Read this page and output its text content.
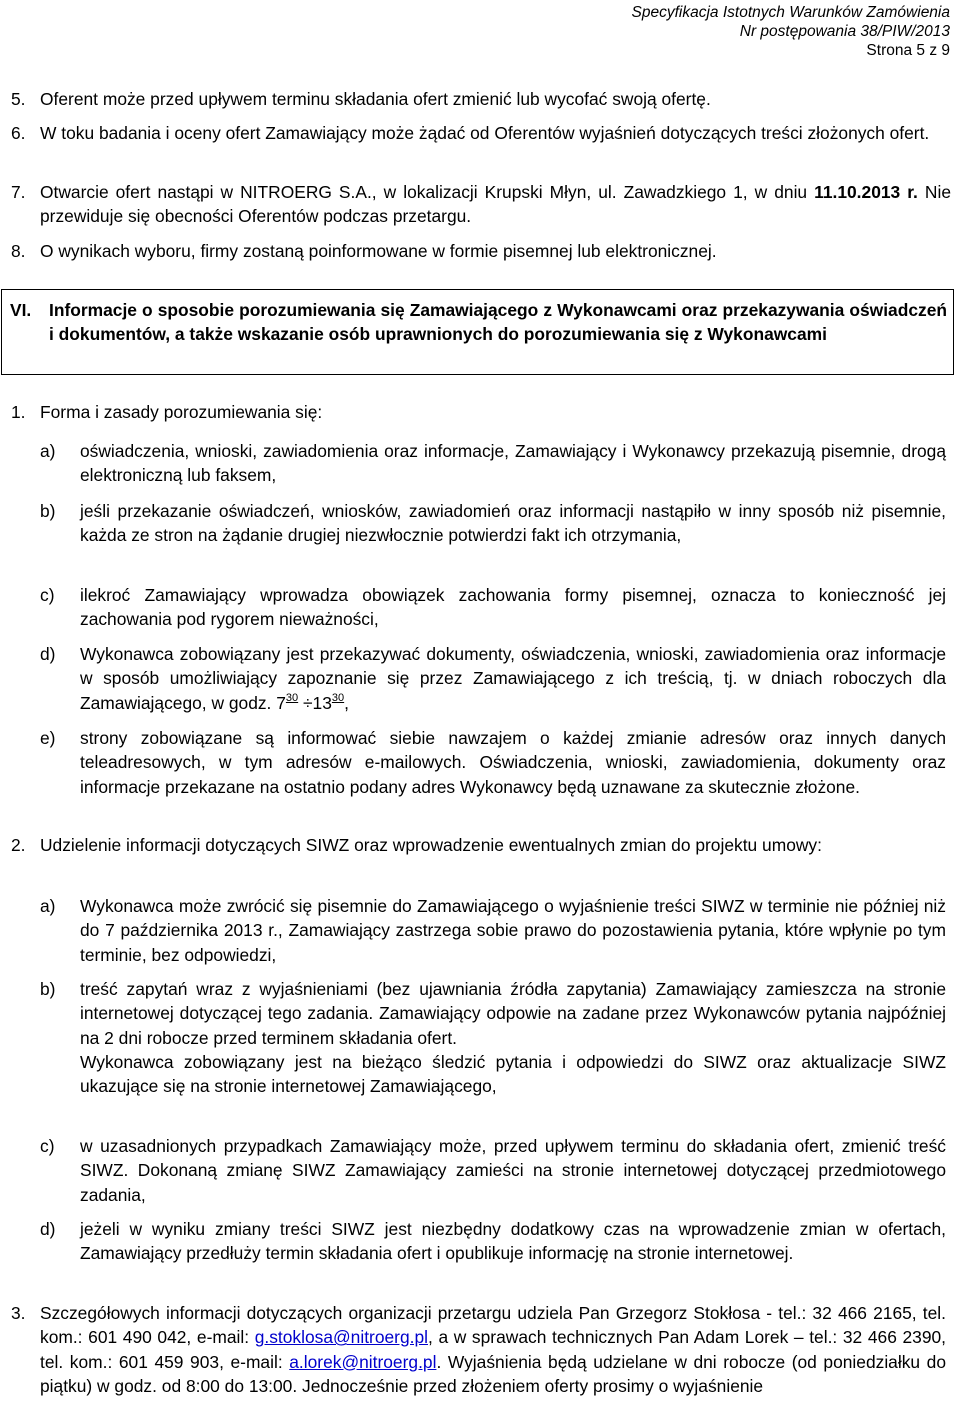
Specyfikacja Istotnych Warunków Zamówienia
Nr postępowania 38/PIW/2013
Strona 5 z 9
5. Oferent może przed upływem terminu składania ofert zmienić lub wycofać swoją ofertę.
6. W toku badania i oceny ofert Zamawiający może żądać od Oferentów wyjaśnień dotyczących treści złożonych ofert.
7. Otwarcie ofert nastąpi w NITROERG S.A., w lokalizacji Krupski Młyn, ul. Zawadzkiego 1, w dniu 11.10.2013 r. Nie przewiduje się obecności Oferentów podczas przetargu.
8. O wynikach wyboru, firmy zostaną poinformowane w formie pisemnej lub elektronicznej.
VI. Informacje o sposobie porozumiewania się Zamawiającego z Wykonawcami oraz przekazywania oświadczeń i dokumentów, a także wskazanie osób uprawnionych do porozumiewania się z Wykonawcami
1. Forma i zasady porozumiewania się:
a) oświadczenia, wnioski, zawiadomienia oraz informacje, Zamawiający i Wykonawcy przekazują pisemnie, drogą elektroniczną lub faksem,
b) jeśli przekazanie oświadczeń, wniosków, zawiadomień oraz informacji nastąpiło w inny sposób niż pisemnie, każda ze stron na żądanie drugiej niezwłocznie potwierdzi fakt ich otrzymania,
c) ilekroć Zamawiający wprowadza obowiązek zachowania formy pisemnej, oznacza to konieczność jej zachowania pod rygorem nieważności,
d) Wykonawca zobowiązany jest przekazywać dokumenty, oświadczenia, wnioski, zawiadomienia oraz informacje w sposób umożliwiający zapoznanie się przez Zamawiającego z ich treścią, tj. w dniach roboczych dla Zamawiającego, w godz. $7^{30} \div 13^{30}$,
e) strony zobowiązane są informować siebie nawzajem o każdej zmianie adresów oraz innych danych teleadresowych, w tym adresów e-mailowych. Oświadczenia, wnioski, zawiadomienia, dokumenty oraz informacje przekazane na ostatnio podany adres Wykonawcy będą uznawane za skutecznie złożone.
2. Udzielenie informacji dotyczących SIWZ oraz wprowadzenie ewentualnych zmian do projektu umowy:
a) Wykonawca może zwrócić się pisemnie do Zamawiającego o wyjaśnienie treści SIWZ w terminie nie później niż do 7 października 2013 r., Zamawiający zastrzega sobie prawo do pozostawienia pytania, które wpłynie po tym terminie, bez odpowiedzi,
b) treść zapytań wraz z wyjaśnieniami (bez ujawniania źródła zapytania) Zamawiający zamieszcza na stronie internetowej dotyczącej tego zadania. Zamawiający odpowie na zadane przez Wykonawców pytania najpóźniej na 2 dni robocze przed terminem składania ofert.
Wykonawca zobowiązany jest na bieżąco śledzić pytania i odpowiedzi do SIWZ oraz aktualizacje SIWZ ukazujące się na stronie internetowej Zamawiającego,
c) w uzasadnionych przypadkach Zamawiający może, przed upływem terminu do składania ofert, zmienić treść SIWZ. Dokonaną zmianę SIWZ Zamawiający zamieści na stronie internetowej dotyczącej przedmiotowego zadania,
d) jeżeli w wyniku zmiany treści SIWZ jest niezbędny dodatkowy czas na wprowadzenie zmian w ofertach, Zamawiający przedłuży termin składania ofert i opublikuje informację na stronie internetowej.
3. Szczegółowych informacji dotyczących organizacji przetargu udziela Pan Grzegorz Stokłosa - tel.: 32 466 2165, tel. kom.: 601 490 042, e-mail: g.stoklosa@nitroerg.pl, a w sprawach technicznych Pan Adam Lorek – tel.: 32 466 2390, tel. kom.: 601 459 903, e-mail: a.lorek@nitroerg.pl. Wyjaśnienia będą udzielane w dni robocze (od poniedziałku do piątku) w godz. od 8:00 do 13:00. Jednocześnie przed złożeniem oferty prosimy o wyjaśnienie
